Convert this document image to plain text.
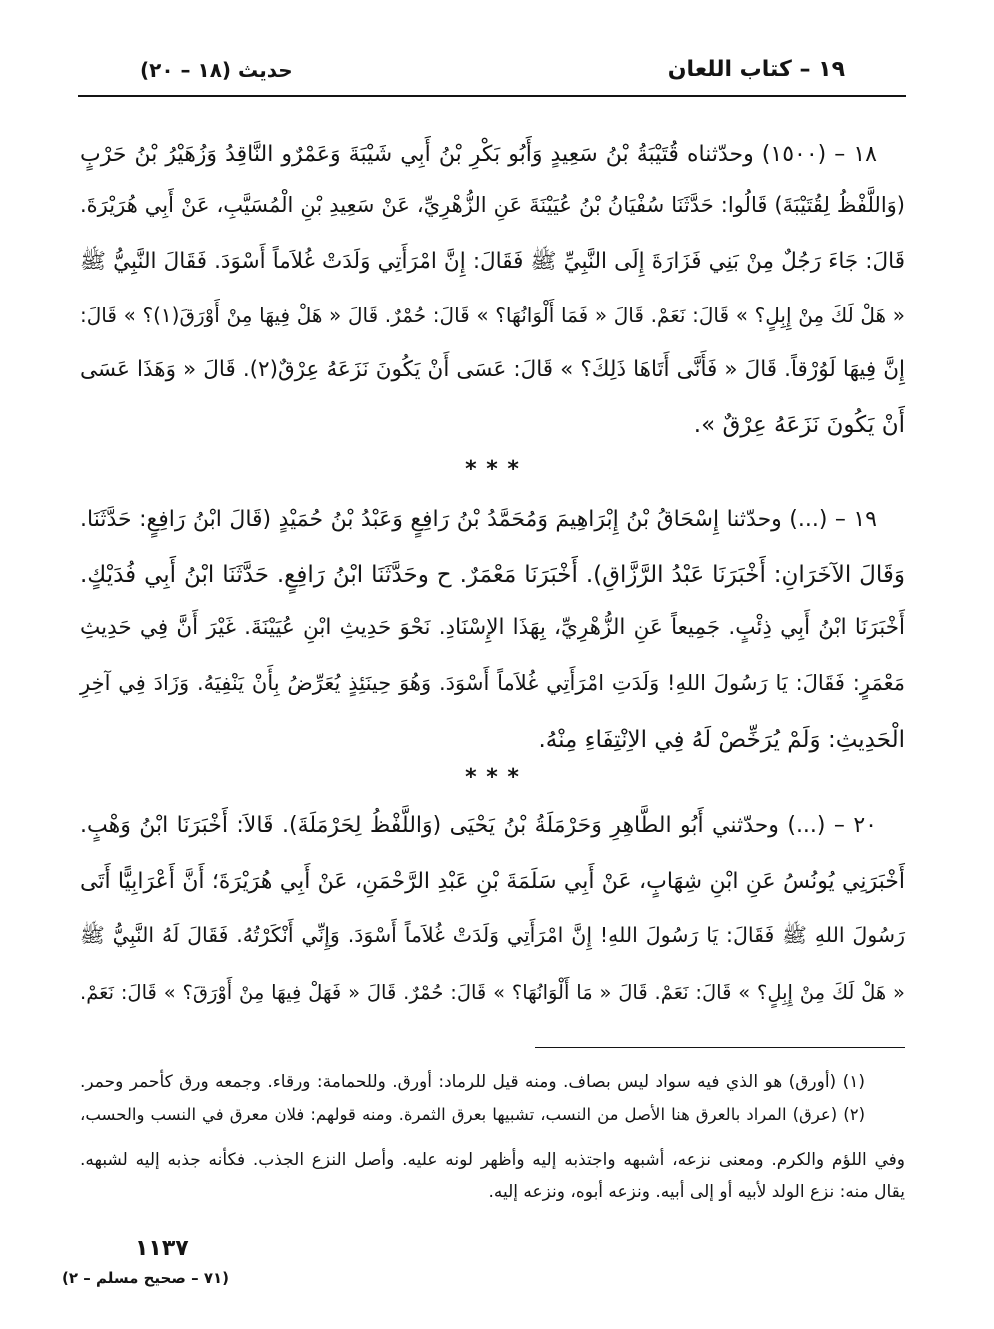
١٩ – كتاب اللعان
حديث (١٨ – ٢٠)
١٨ – (١٥٠٠) وحدّثناه قُتَيْبَةُ بْنُ سَعِيدٍ وَأَبُو بَكْرِ بْنُ أَبِي شَيْبَةَ وَعَمْرٌو النَّاقِدُ وَزُهَيْرُ بْنُ حَرْبٍ
(وَاللَّفْظُ لِقُتَيْبَةَ) قَالُوا: حَدَّثَنَا سُفْيَانُ بْنُ عُيَيْنَةَ عَنِ الزُّهْرِيِّ، عَنْ سَعِيدِ بْنِ الْمُسَيَّبِ، عَنْ أَبِي هُرَيْرَةَ.
قَالَ: جَاءَ رَجُلٌ مِنْ بَنِي فَزَارَةَ إِلَى النَّبِيِّ ﷺ فَقَالَ: إِنَّ امْرَأَتِي وَلَدَتْ غُلاَماً أَسْوَدَ. فَقَالَ النَّبِيُّ ﷺ
« هَلْ لَكَ مِنْ إِبِلٍ؟ » قَالَ: نَعَمْ. قَالَ « فَمَا أَلْوَانُهَا؟ » قَالَ: حُمْرٌ. قَالَ « هَلْ فِيهَا مِنْ أَوْرَقَ(١)؟ » قَالَ:
إِنَّ فِيهَا لَوُرْقاً. قَالَ « فَأَنَّى أَتَاهَا ذَلِكَ؟ » قَالَ: عَسَى أَنْ يَكُونَ نَزَعَهُ عِرْقٌ(٢). قَالَ « وَهَذَا عَسَى
أَنْ يَكُونَ نَزَعَهُ عِرْقٌ ».
* * *
١٩ – (...) وحدّثنا إِسْحَاقُ بْنُ إِبْرَاهِيمَ وَمُحَمَّدُ بْنُ رَافِعٍ وَعَبْدُ بْنُ حُمَيْدٍ (قَالَ ابْنُ رَافِعٍ: حَدَّثَنَا.
وَقَالَ الآخَرَانِ: أَخْبَرَنَا عَبْدُ الرَّزَّاقِ). أَخْبَرَنَا مَعْمَرٌ. ح وحَدَّثَنَا ابْنُ رَافِعٍ. حَدَّثَنَا ابْنُ أَبِي فُدَيْكٍ.
أَخْبَرَنَا ابْنُ أَبِي ذِئْبٍ. جَمِيعاً عَنِ الزُّهْرِيِّ، بِهَذَا الإِسْنَادِ. نَحْوَ حَدِيثِ ابْنِ عُيَيْنَةَ. غَيْرَ أَنَّ فِي حَدِيثِ
مَعْمَرٍ: فَقَالَ: يَا رَسُولَ اللهِ! وَلَدَتِ امْرَأَتِي غُلاَماً أَسْوَدَ. وَهُوَ حِينَئِذٍ يُعَرِّضُ بِأَنْ يَنْفِيَهُ. وَزَادَ فِي آخِرِ
الْحَدِيثِ: وَلَمْ يُرَخِّصْ لَهُ فِي الاِنْتِفَاءِ مِنْهُ.
* * *
٢٠ – (...) وحدّثني أَبُو الطَّاهِرِ وَحَرْمَلَةُ بْنُ يَحْيَى (وَاللَّفْظُ لِحَرْمَلَةَ). قَالاَ: أَخْبَرَنَا ابْنُ وَهْبٍ.
أَخْبَرَنِي يُونُسُ عَنِ ابْنِ شِهَابٍ، عَنْ أَبِي سَلَمَةَ بْنِ عَبْدِ الرَّحْمَنِ، عَنْ أَبِي هُرَيْرَةَ؛ أَنَّ أَعْرَابِيًّا أَتَى
رَسُولَ اللهِ ﷺ فَقَالَ: يَا رَسُولَ اللهِ! إِنَّ امْرَأَتِي وَلَدَتْ غُلاَماً أَسْوَدَ. وَإِنِّي أَنْكَرْتُهُ. فَقَالَ لَهُ النَّبِيُّ ﷺ
« هَلْ لَكَ مِنْ إِبِلٍ؟ » قَالَ: نَعَمْ. قَالَ « مَا أَلْوَانُهَا؟ » قَالَ: حُمْرٌ. قَالَ « فَهَلْ فِيهَا مِنْ أَوْرَقَ؟ » قَالَ: نَعَمْ.
(١) (أورق) هو الذي فيه سواد ليس بصاف. ومنه قيل للرماد: أورق. وللحمامة: ورقاء. وجمعه ورق كأحمر وحمر.
(٢) (عرق) المراد بالعرق هنا الأصل من النسب، تشبيها بعرق الثمرة. ومنه قولهم: فلان معرق في النسب والحسب،
وفي اللؤم والكرم. ومعنى نزعه، أشبهه واجتذبه إليه وأظهر لونه عليه. وأصل النزع الجذب. فكأنه جذبه إليه لشبهه.
يقال منه: نزع الولد لأبيه أو إلى أبيه. ونزعه أبوه، ونزعه إليه.
١١٣٧
(٧١ – صحيح مسلم – ٢)
